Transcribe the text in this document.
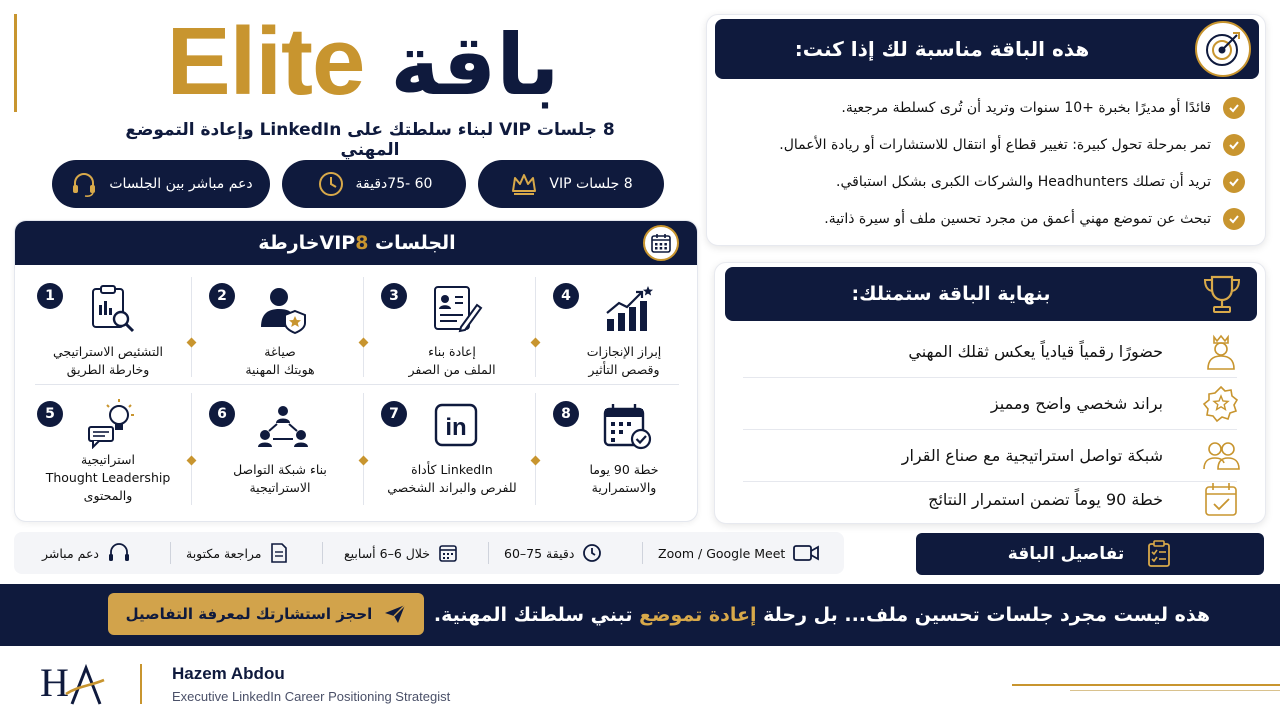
Elite باقة
8 جلسات VIP لبناء سلطتك على LinkedIn وإعادة التموضع المهني
8 جلسات VIP
60 -75دقيقة
دعم مباشر بين الجلسات
الجلسات VIP8خارطة
1
التشئيص الاستراتيجي
وخارطة الطريق
2
صياغة
هويتك المهنية
3
إعادة بناء
الملف من الصفر
4
إبراز الإنجازات
وقصص التأثير
5
استراتيجية
Thought Leadership
والمحتوى
6
بناء شبكة التواصل
الاستراتيجية
7	in
LinkedIn كأداة
للفرص والبراند الشخصي
8
خطة 90 يوما
والاستمرارية
Zoom / Google Meet
60–75 دقيقة
خلال 6–6 أسابيع
مراجعة مكتوبة
دعم مباشر
هذه الباقة مناسبة لك إذا كنت:
قائدًا أو مديرًا بخبرة +10 سنوات وتريد أن تُرى كسلطة مرجعية.
تمر بمرحلة تحول كبيرة: تغيير قطاع أو انتقال للاستشارات أو ريادة الأعمال.
تريد أن تصلك Headhunters والشركات الكبرى بشكل استباقي.
تبحث عن تموضع مهني أعمق من مجرد تحسين ملف أو سيرة ذاتية.
بنهاية الباقة ستمتلك:
حضورًا رقمياً قيادياً يعكس ثقلك المهني
براند شخصي واضح ومميز
شبكة تواصل استراتيجية مع صناع القرار
خطة 90 يوماً تضمن استمرار النتائج
تفاصيل الباقة
هذه ليست مجرد جلسات تحسين ملف... بل رحلة إعادة تموضع تبني سلطتك المهنية.
احجز استشارتك لمعرفة التفاصيل
H	Hazem Abdou
Executive LinkedIn Career Positioning Strategist
